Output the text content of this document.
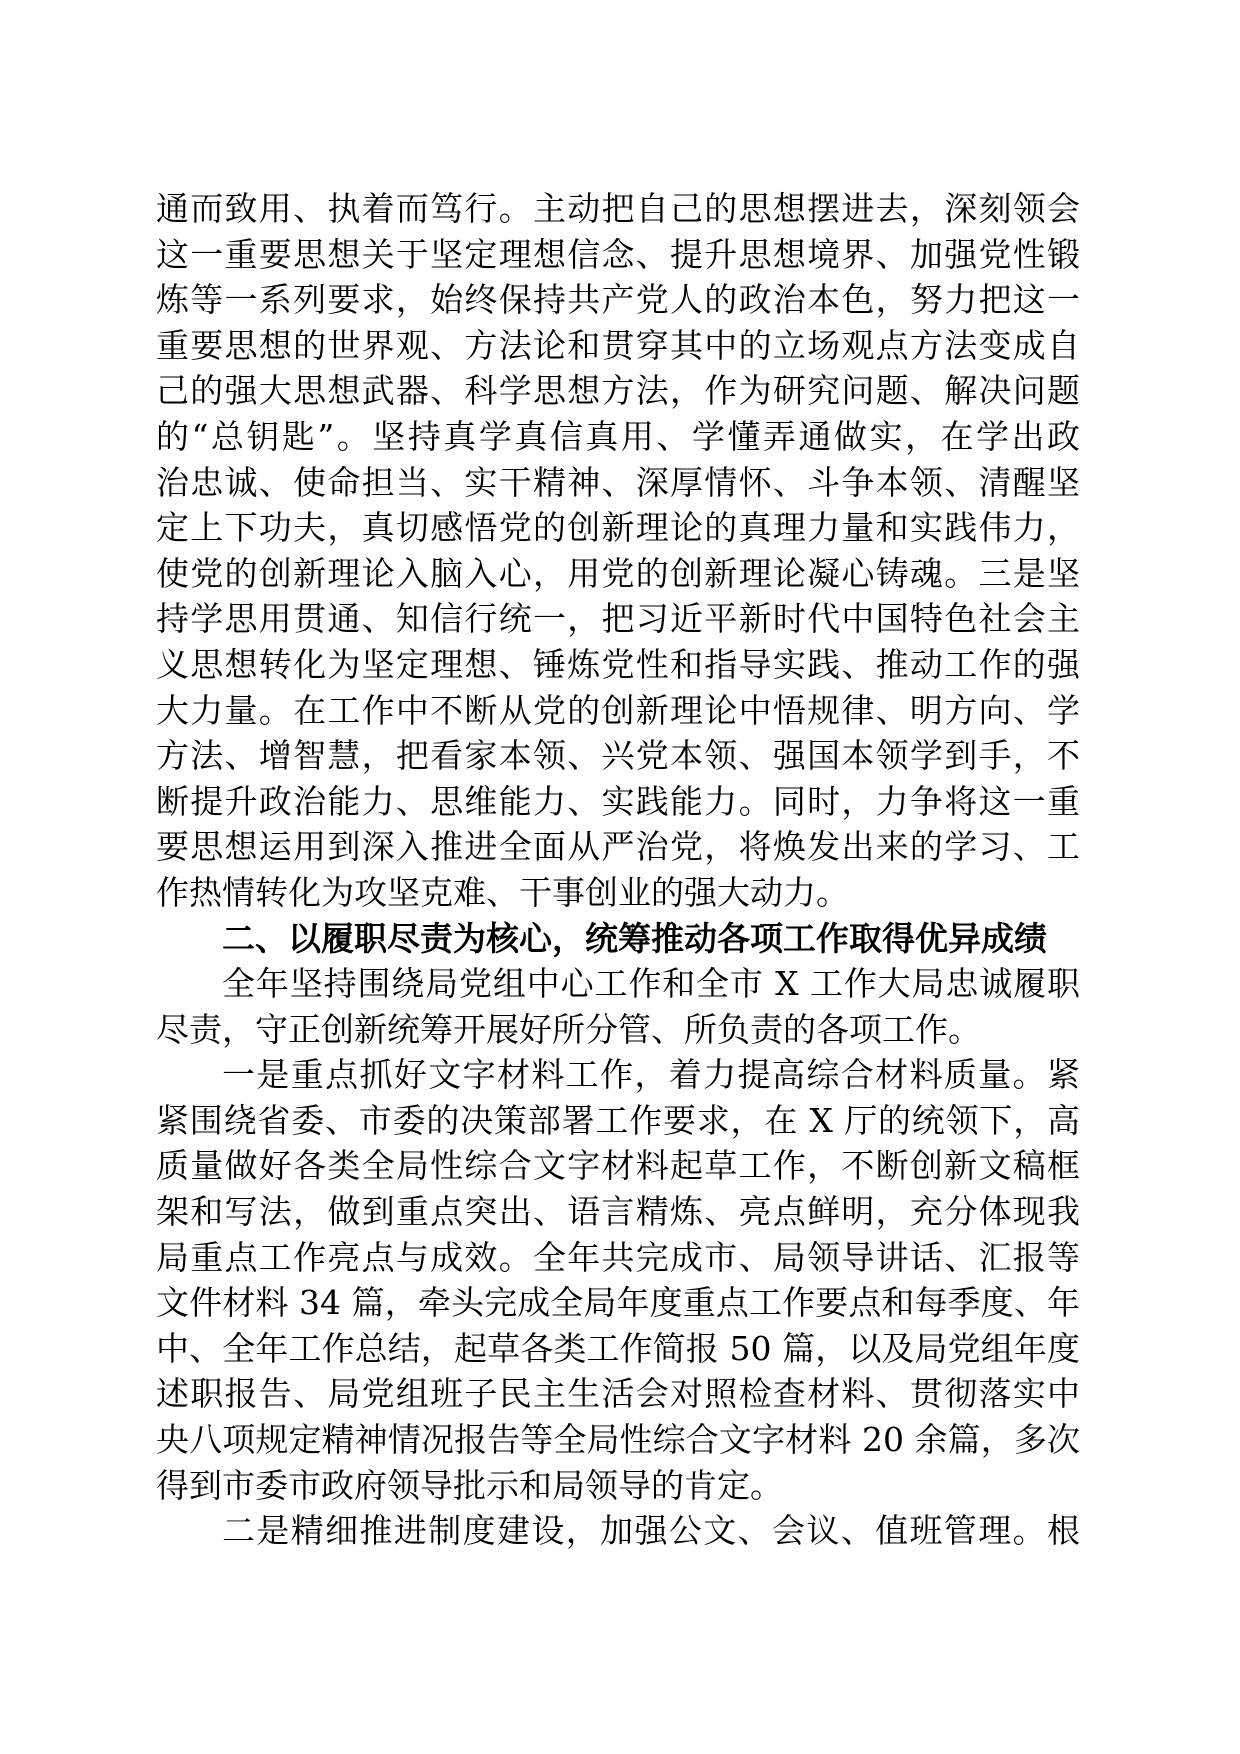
通而致用、执着而笃行。主动把自己的思想摆进去，深刻领会
这一重要思想关于坚定理想信念、提升思想境界、加强党性锻
炼等一系列要求，始终保持共产党人的政治本色，努力把这一
重要思想的世界观、方法论和贯穿其中的立场观点方法变成自
己的强大思想武器、科学思想方法，作为研究问题、解决问题
的“总钥匙”。坚持真学真信真用、学懂弄通做实，在学出政
治忠诚、使命担当、实干精神、深厚情怀、斗争本领、清醒坚
定上下功夫，真切感悟党的创新理论的真理力量和实践伟力，
使党的创新理论入脑入心，用党的创新理论凝心铸魂。三是坚
持学思用贯通、知信行统一，把习近平新时代中国特色社会主
义思想转化为坚定理想、锤炼党性和指导实践、推动工作的强
大力量。在工作中不断从党的创新理论中悟规律、明方向、学
方法、增智慧，把看家本领、兴党本领、强国本领学到手，不
断提升政治能力、思维能力、实践能力。同时，力争将这一重
要思想运用到深入推进全面从严治党，将焕发出来的学习、工
作热情转化为攻坚克难、干事创业的强大动力。
二、以履职尽责为核心，统筹推动各项工作取得优异成绩
全年坚持围绕局党组中心工作和全市 X 工作大局忠诚履职
尽责，守正创新统筹开展好所分管、所负责的各项工作。
一是重点抓好文字材料工作，着力提高综合材料质量。紧
紧围绕省委、市委的决策部署工作要求，在 X 厅的统领下，高
质量做好各类全局性综合文字材料起草工作，不断创新文稿框
架和写法，做到重点突出、语言精炼、亮点鲜明，充分体现我
局重点工作亮点与成效。全年共完成市、局领导讲话、汇报等
文件材料 34 篇，牵头完成全局年度重点工作要点和每季度、年
中、全年工作总结，起草各类工作简报 50 篇，以及局党组年度
述职报告、局党组班子民主生活会对照检查材料、贯彻落实中
央八项规定精神情况报告等全局性综合文字材料 20 余篇，多次
得到市委市政府领导批示和局领导的肯定。
二是精细推进制度建设，加强公文、会议、值班管理。根
